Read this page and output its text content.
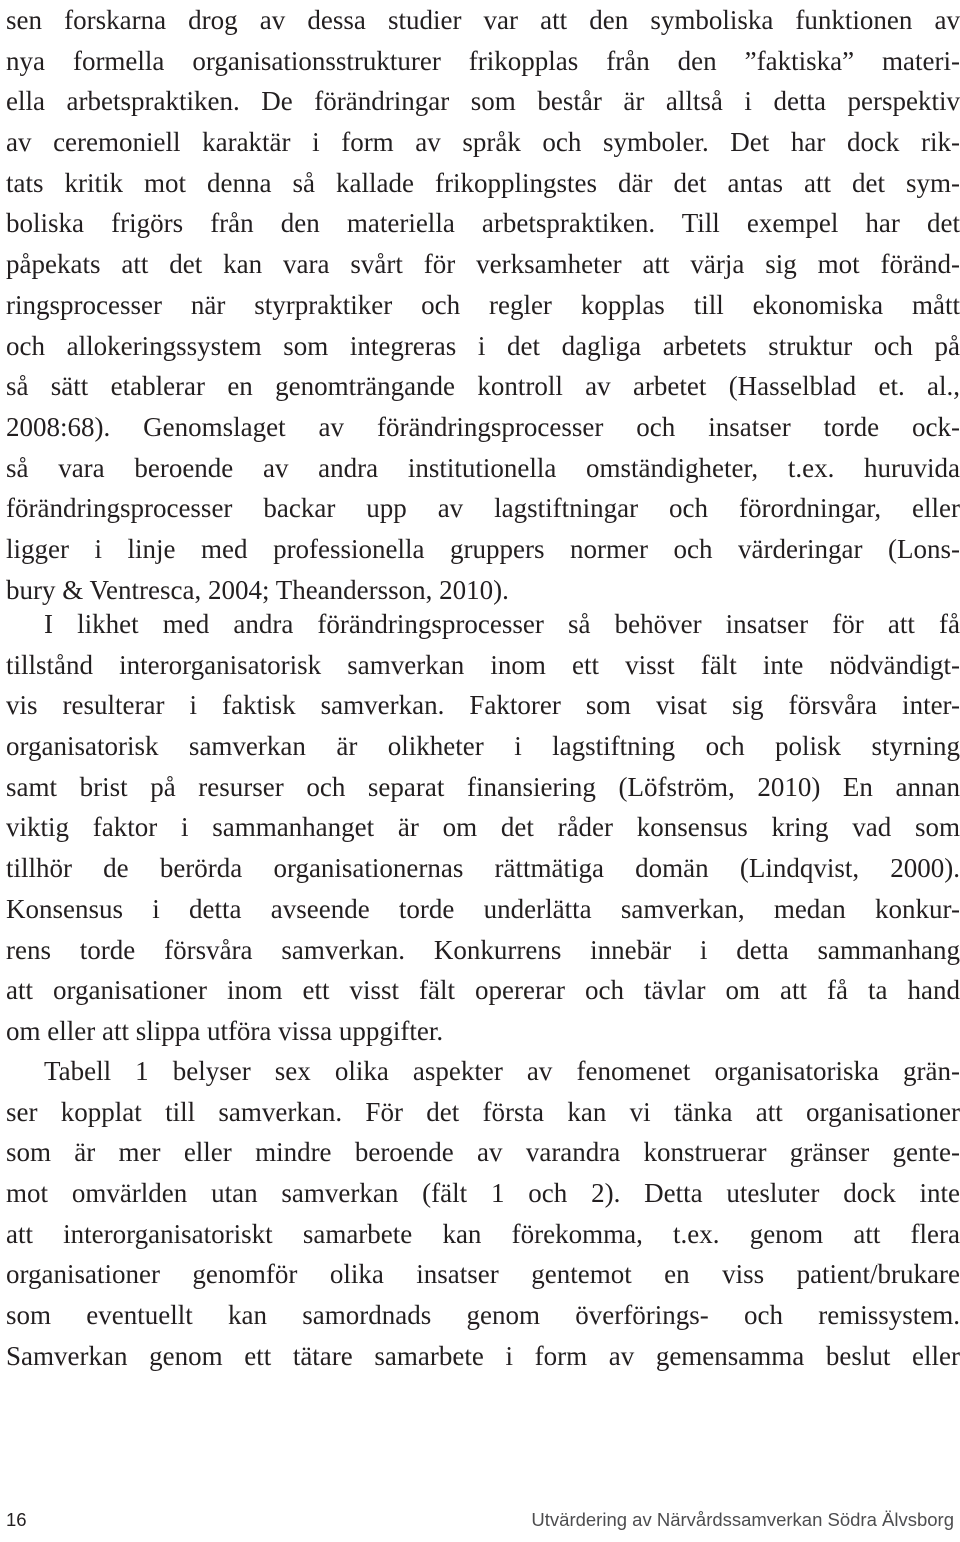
sen forskarna drog av dessa studier var att den symboliska funktionen av
nya formella organisationsstrukturer frikopplas från den ”faktiska” materi-
ella arbetspraktiken. De förändringar som består är alltså i detta perspektiv
av ceremoniell karaktär i form av språk och symboler. Det har dock rik-
tats kritik mot denna så kallade frikopplingstes där det antas att det sym-
boliska frigörs från den materiella arbetspraktiken. Till exempel har det
påpekats att det kan vara svårt för verksamheter att värja sig mot föränd-
ringsprocesser när styrpraktiker och regler kopplas till ekonomiska mått
och allokeringssystem som integreras i det dagliga arbetets struktur och på
så sätt etablerar en genomträngande kontroll av arbetet (Hasselblad et. al.,
2008:68). Genomslaget av förändringsprocesser och insatser torde ock-
så vara beroende av andra institutionella omständigheter, t.ex. huruvida
förändringsprocesser backar upp av lagstiftningar och förordningar, eller
ligger i linje med professionella gruppers normer och värderingar (Lons-
bury & Ventresca, 2004; Theandersson, 2010).

I likhet med andra förändringsprocesser så behöver insatser för att få
tillstånd interorganisatorisk samverkan inom ett visst fält inte nödvändigt-
vis resulterar i faktisk samverkan. Faktorer som visat sig försvåra inter-
organisatorisk samverkan är olikheter i lagstiftning och polisk styrning
samt brist på resurser och separat finansiering (Löfström, 2010) En annan
viktig faktor i sammanhanget är om det råder konsensus kring vad som
tillhör de berörda organisationernas rättmätiga domän (Lindqvist, 2000).
Konsensus i detta avseende torde underlätta samverkan, medan konkur-
rens torde försvåra samverkan. Konkurrens innebär i detta sammanhang
att organisationer inom ett visst fält opererar och tävlar om att få ta hand
om eller att slippa utföra vissa uppgifter.

Tabell 1 belyser sex olika aspekter av fenomenet organisatoriska grän-
ser kopplat till samverkan. För det första kan vi tänka att organisationer
som är mer eller mindre beroende av varandra konstruerar gränser gente-
mot omvärlden utan samverkan (fält 1 och 2). Detta utesluter dock inte
att interorganisatoriskt samarbete kan förekomma, t.ex. genom att flera
organisationer genomför olika insatser gentemot en viss patient/brukare
som eventuellt kan samordnads genom överförings- och remissystem.
Samverkan genom ett tätare samarbete i form av gemensamma beslut eller

16	Utvärdering av Närvårdssamverkan Södra Älvsborg
